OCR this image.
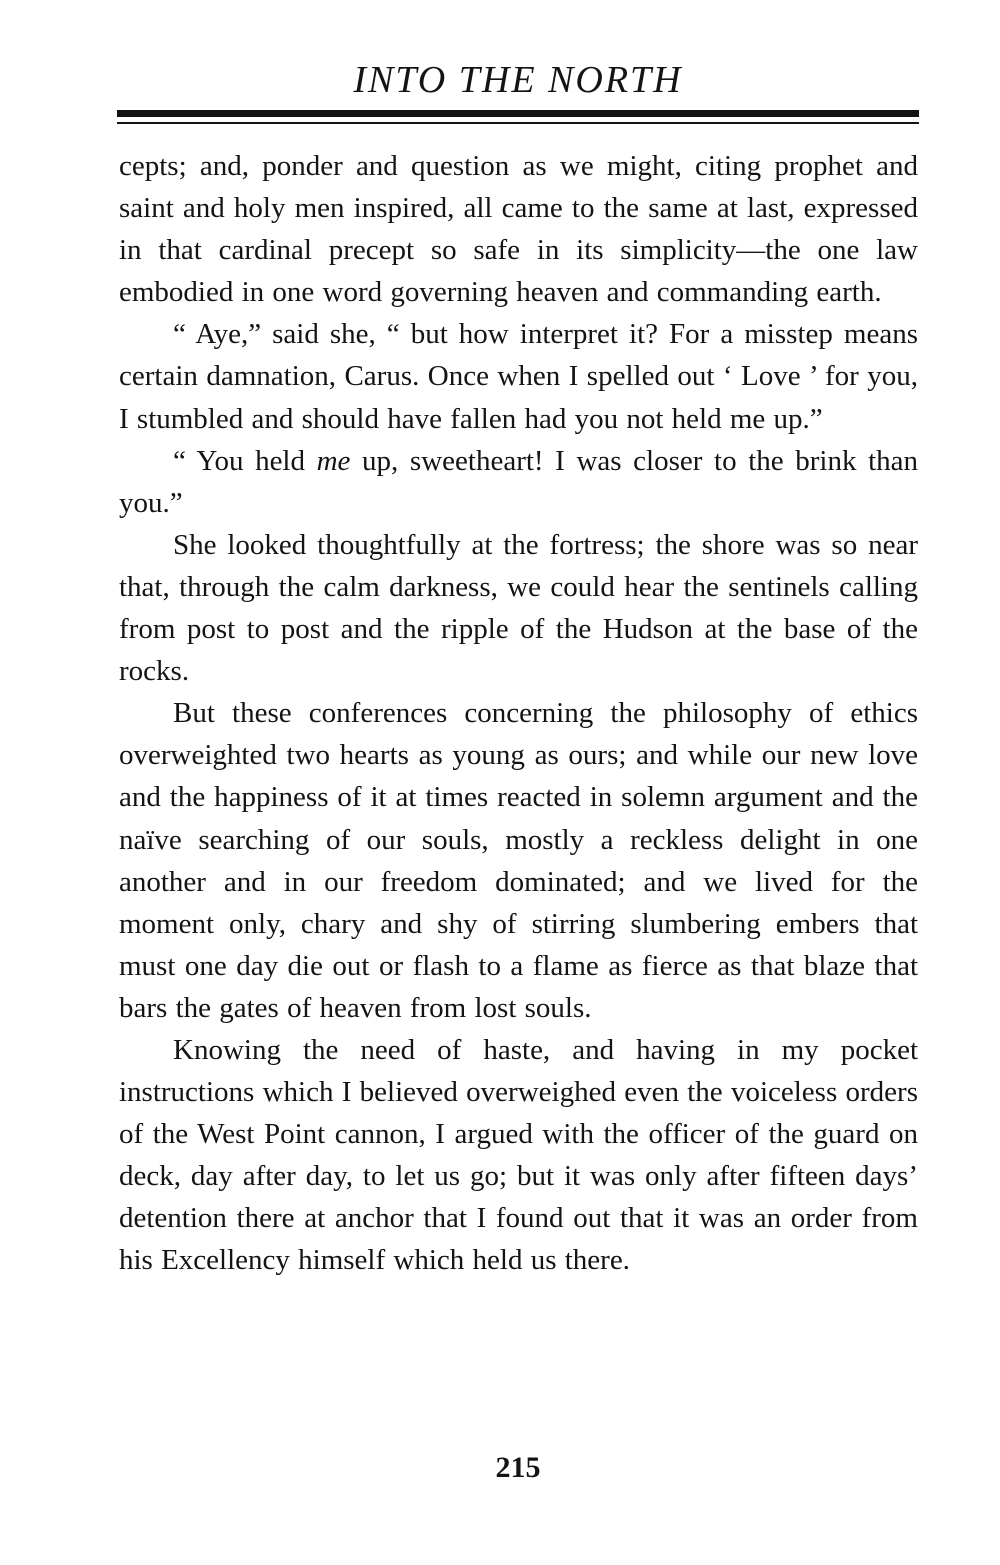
INTO THE NORTH

cepts; and, ponder and question as we might, citing prophet and saint and holy men inspired, all came to the same at last, expressed in that cardinal precept so safe in its simplicity—the one law embodied in one word governing heaven and commanding earth.

“ Aye,” said she, “ but how interpret it? For a misstep means certain damnation, Carus. Once when I spelled out ‘ Love ’ for you, I stumbled and should have fallen had you not held me up.”

“ You held me up, sweetheart! I was closer to the brink than you.”

She looked thoughtfully at the fortress; the shore was so near that, through the calm darkness, we could hear the sentinels calling from post to post and the ripple of the Hudson at the base of the rocks.

But these conferences concerning the philosophy of ethics overweighted two hearts as young as ours; and while our new love and the happiness of it at times reacted in solemn argument and the naïve searching of our souls, mostly a reckless delight in one another and in our freedom dominated; and we lived for the moment only, chary and shy of stirring slumbering embers that must one day die out or flash to a flame as fierce as that blaze that bars the gates of heaven from lost souls.

Knowing the need of haste, and having in my pocket instructions which I believed overweighed even the voiceless orders of the West Point cannon, I argued with the officer of the guard on deck, day after day, to let us go; but it was only after fifteen days’ detention there at anchor that I found out that it was an order from his Excellency himself which held us there.

215
